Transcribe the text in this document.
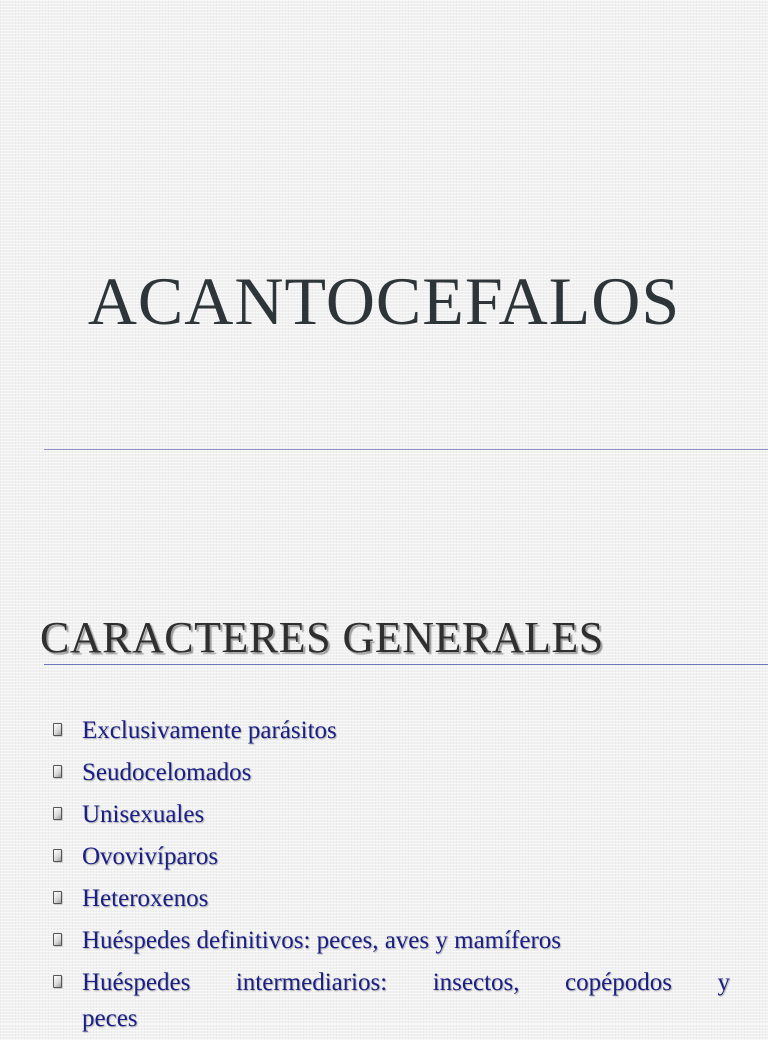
ACANTOCEFALOS
CARACTERES GENERALES
Exclusivamente parásitos
Seudocelomados
Unisexuales
Ovovivíparos
Heteroxenos
Huéspedes definitivos: peces, aves y mamíferos
Huéspedes intermediarios: insectos, copépodos y
peces
